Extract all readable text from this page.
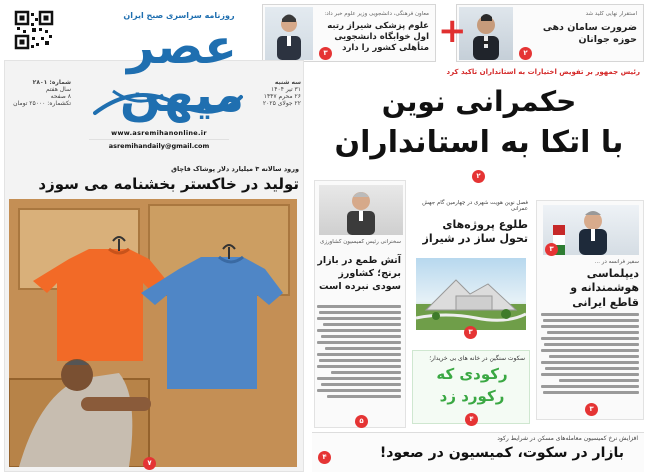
استقرار نهایی کلید شد
ضرورت سامان دهی حوزه جوانان
۲
+
معاون فرهنگی، دانشجویی وزیر علوم خبر داد:
علوم پزشکی شیراز رتبه اول خوابگاه دانشجویی متأهلی کشور را دارد
۳
روزنامه سراسری صبح ایران
عصر میهن
شماره: ۲۸۰۱
سال هفتم
۸ صفحه
تکشماره: ۲۵۰۰۰ تومان
سه شنبه
۳۱ تیر ۱۴۰۴
۲۶ محرم ۱۴۴۷
۲۲ جولای ۲۰۲۵
www.asremihanonline.ir
asremihandaily@gmail.com
ورود سالانه ۳ میلیارد دلار پوشاک قاچاق
تولید در خاکستر بخشنامه می سوزد
۷
رئیس جمهور بر تفویض اختیارات به استانداران تاکید کرد
حکمرانی نوین
با اتکا به استانداران
۲
۳
سفیر فرانسه در ...
دیپلماسی هوشمندانه و قاطع ایرانی
۳
فصل نوین هویت شهری در چهارمین گام جهش عمرانی
طلوع پروژه‌های تحول ساز در شیراز
۳
سخنرانی رئیس کمیسیون کشاورزی
آتش طمع در بازار برنج؛ کشاورز سودی نبرده است
۵
سکوت سنگین در خانه های بی خریدار؛
رکودی که
رکورد زد
۴
افزایش نرخ کمیسیون معامله‌های مسکن در شرایط رکود
بازار در سکوت، کمیسیون در صعود!
۴
